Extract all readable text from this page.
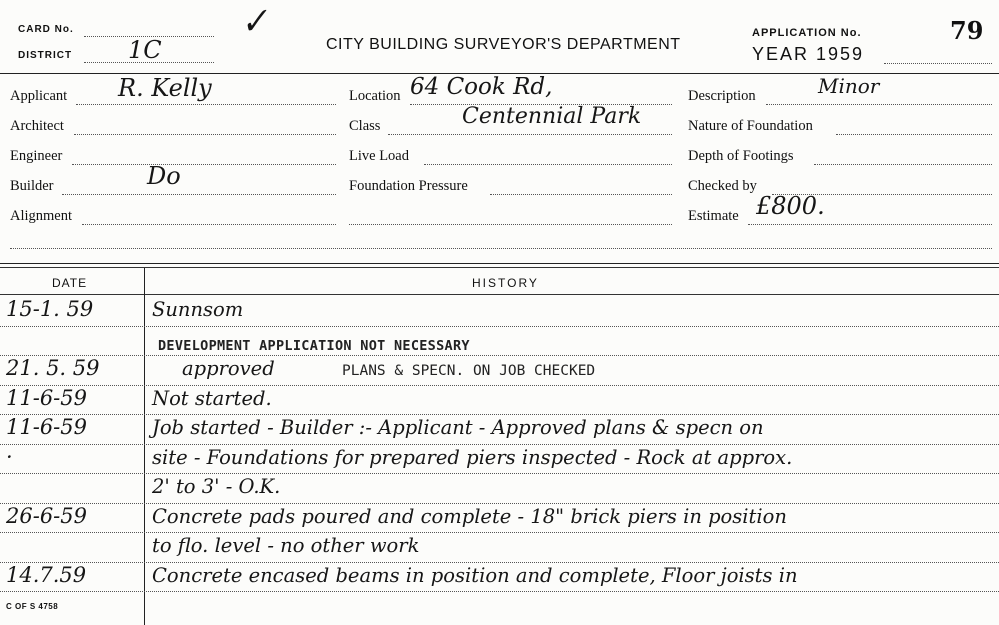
CARD No.
DISTRICT 1C
✓
CITY BUILDING SURVEYOR'S DEPARTMENT
APPLICATION No.
YEAR 1959
79
Applicant R. Kelly
Architect
Engineer
Builder	Do
Alignment
Location 64 Cook Rd,
Class	Centennial Park
Live Load
Foundation Pressure
Description	Minor
Nature of Foundation
Depth of Footings
Checked by
Estimate £800.
DATE	HISTORY
15-1. 59	Sunnsom
DEVELOPMENT APPLICATION NOT NECESSARY
21. 5. 59	approved	PLANS & SPECN. ON JOB CHECKED
11-6-59	Not started.
11-6-59	Job started - Builder :- Applicant - Approved plans & specn on
·	site - Foundations for prepared piers inspected - Rock at approx.
2' to 3' - O.K.
26-6-59	Concrete pads poured and complete - 18" brick piers in position
to flo. level - no other work
14.7.59	Concrete encased beams in position and complete, Floor joists in
C OF S 4758
